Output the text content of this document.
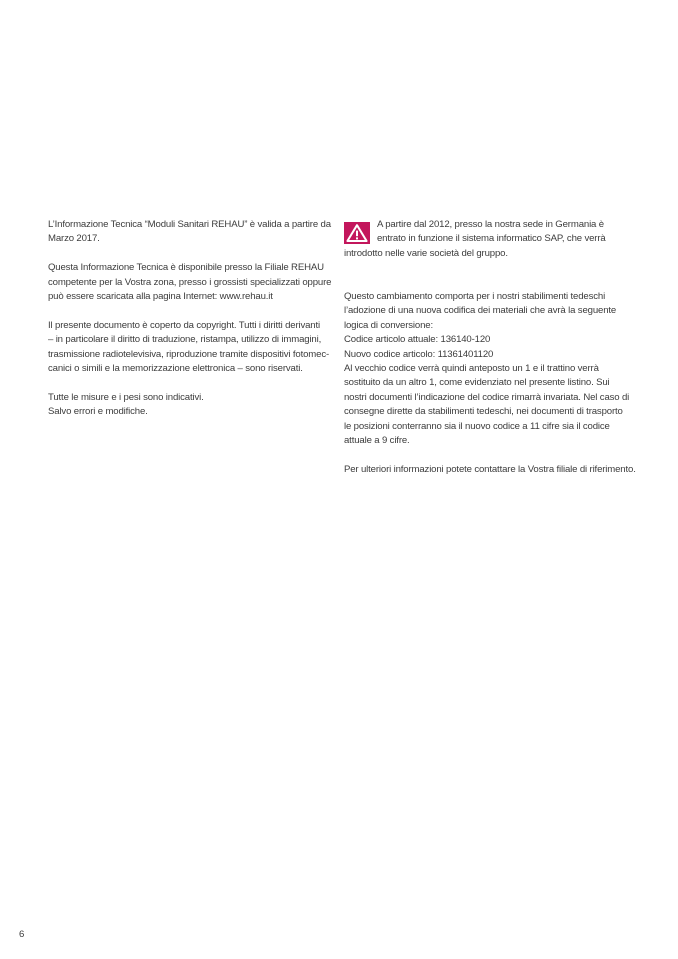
L’Informazione Tecnica “Moduli Sanitari REHAU” è valida a partire da
Marzo 2017.

Questa Informazione Tecnica è disponibile presso la Filiale REHAU
competente per la Vostra zona, presso i grossisti specializzati oppure
può essere scaricata alla pagina Internet: www.rehau.it

Il presente documento è coperto da copyright. Tutti i diritti derivanti
– in particolare il diritto di traduzione, ristampa, utilizzo di immagini,
trasmissione radiotelevisiva, riproduzione tramite dispositivi fotomec-
canici o simili e la memorizzazione elettronica – sono riservati.

Tutte le misure e i pesi sono indicativi.
Salvo errori e modifiche.

A partire dal 2012, presso la nostra sede in Germania è
entrato in funzione il sistema informatico SAP, che verrà
introdotto nelle varie società del gruppo.

Questo cambiamento comporta per i nostri stabilimenti tedeschi
l’adozione di una nuova codifica dei materiali che avrà la seguente
logica di conversione:
Codice articolo attuale: 136140-120
Nuovo codice articolo: 11361401120
Al vecchio codice verrà quindi anteposto un 1 e il trattino verrà
sostituito da un altro 1, come evidenziato nel presente listino. Sui
nostri documenti l’indicazione del codice rimarrà invariata. Nel caso di
consegne dirette da stabilimenti tedeschi, nei documenti di trasporto
le posizioni conterranno sia il nuovo codice a 11 cifre sia il codice
attuale a 9 cifre.

Per ulteriori informazioni potete contattare la Vostra filiale di riferimento.

6
